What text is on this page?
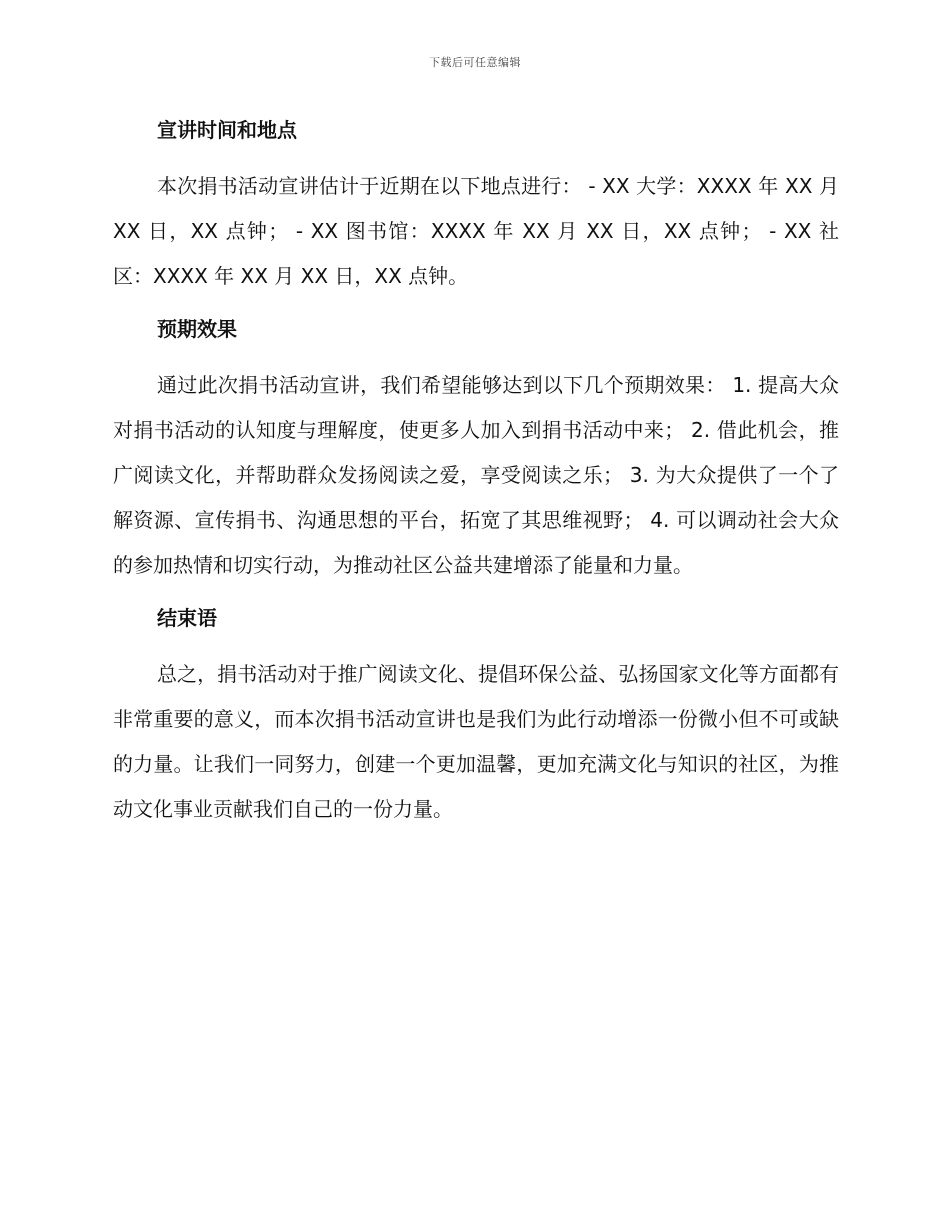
下载后可任意编辑
宣讲时间和地点

本次捐书活动宣讲估计于近期在以下地点进行： - XX 大学：XXXX 年 XX 月 XX 日，XX 点钟； - XX 图书馆：XXXX 年 XX 月 XX 日，XX 点钟； - XX 社区：XXXX 年 XX 月 XX 日，XX 点钟。

预期效果

通过此次捐书活动宣讲，我们希望能够达到以下几个预期效果： 1. 提高大众对捐书活动的认知度与理解度，使更多人加入到捐书活动中来； 2. 借此机会，推广阅读文化，并帮助群众发扬阅读之爱，享受阅读之乐； 3. 为大众提供了一个了解资源、宣传捐书、沟通思想的平台，拓宽了其思维视野； 4. 可以调动社会大众的参加热情和切实行动，为推动社区公益共建增添了能量和力量。

结束语

总之，捐书活动对于推广阅读文化、提倡环保公益、弘扬国家文化等方面都有非常重要的意义，而本次捐书活动宣讲也是我们为此行动增添一份微小但不可或缺的力量。让我们一同努力，创建一个更加温馨，更加充满文化与知识的社区，为推动文化事业贡献我们自己的一份力量。
